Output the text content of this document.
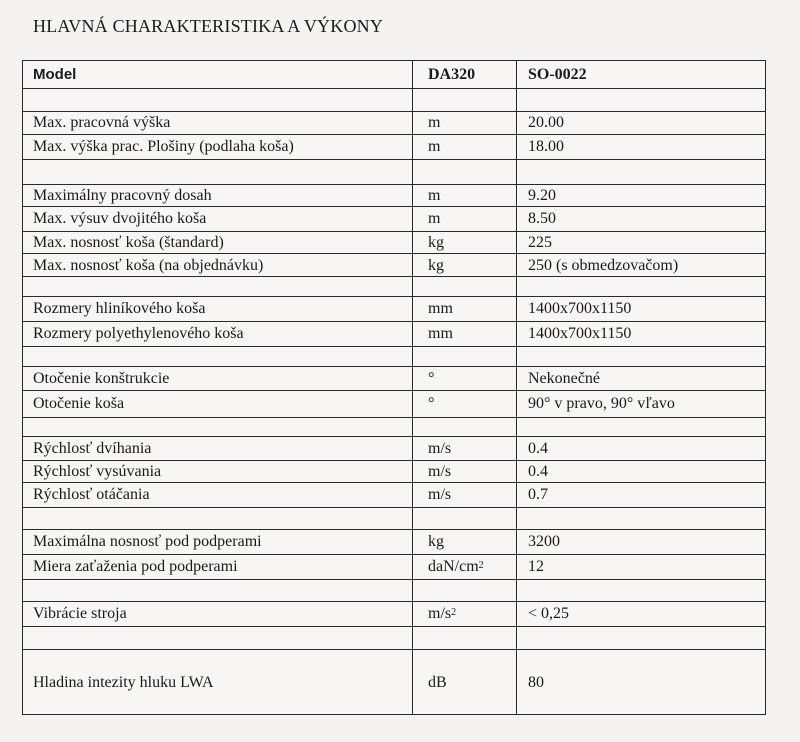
HLAVNÁ CHARAKTERISTIKA A VÝKONY
Model	DA320	SO-0022
Max. pracovná výška	m	20.00
Max. výška prac. Plošiny (podlaha koša)	m	18.00
Maximálny pracovný dosah	m	9.20
Max. výsuv dvojitého koša	m	8.50
Max. nosnosť koša (štandard)	kg	225
Max. nosnosť koša (na objednávku)	kg	250 (s obmedzovačom)
Rozmery hliníkového koša	mm	1400x700x1150
Rozmery polyethylenového koša	mm	1400x700x1150
Otočenie konštrukcie	°	Nekonečné
Otočenie koša	°	90° v pravo, 90° vľavo
Rýchlosť dvíhania	m/s	0.4
Rýchlosť vysúvania	m/s	0.4
Rýchlosť otáčania	m/s	0.7
Maximálna nosnosť pod podperami	kg	3200
Miera zaťaženia pod podperami	daN/$cm^2$	12
Vibrácie stroja	$m/s^2$	< 0,25
Hladina intezity hluku LWA	dB	80
